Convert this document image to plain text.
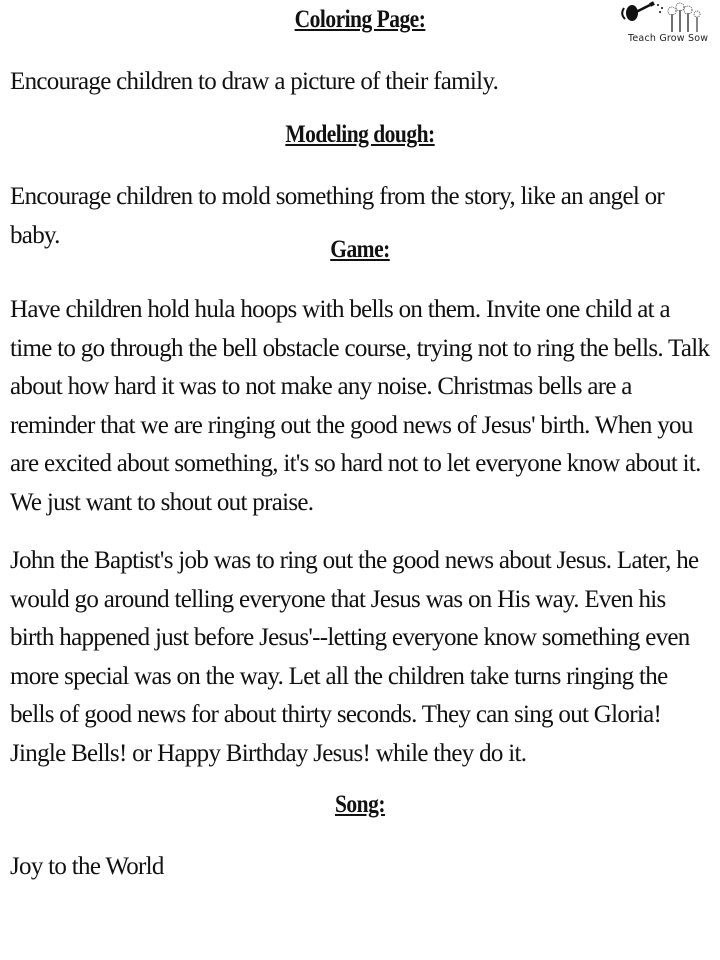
Teach Grow Sow
Coloring Page:

Encourage children to draw a picture of their family.

Modeling dough:

Encourage children to mold something from the story, like an angel or baby.

Game:

Have children hold hula hoops with bells on them. Invite one child at a time to go through the bell obstacle course, trying not to ring the bells. Talk about how hard it was to not make any noise. Christmas bells are a reminder that we are ringing out the good news of Jesus' birth. When you are excited about something, it's so hard not to let everyone know about it. We just want to shout out praise.

John the Baptist's job was to ring out the good news about Jesus. Later, he would go around telling everyone that Jesus was on His way. Even his birth happened just before Jesus'--letting everyone know something even more special was on the way. Let all the children take turns ringing the bells of good news for about thirty seconds. They can sing out Gloria! Jingle Bells! or Happy Birthday Jesus! while they do it.

Song:

Joy to the World
